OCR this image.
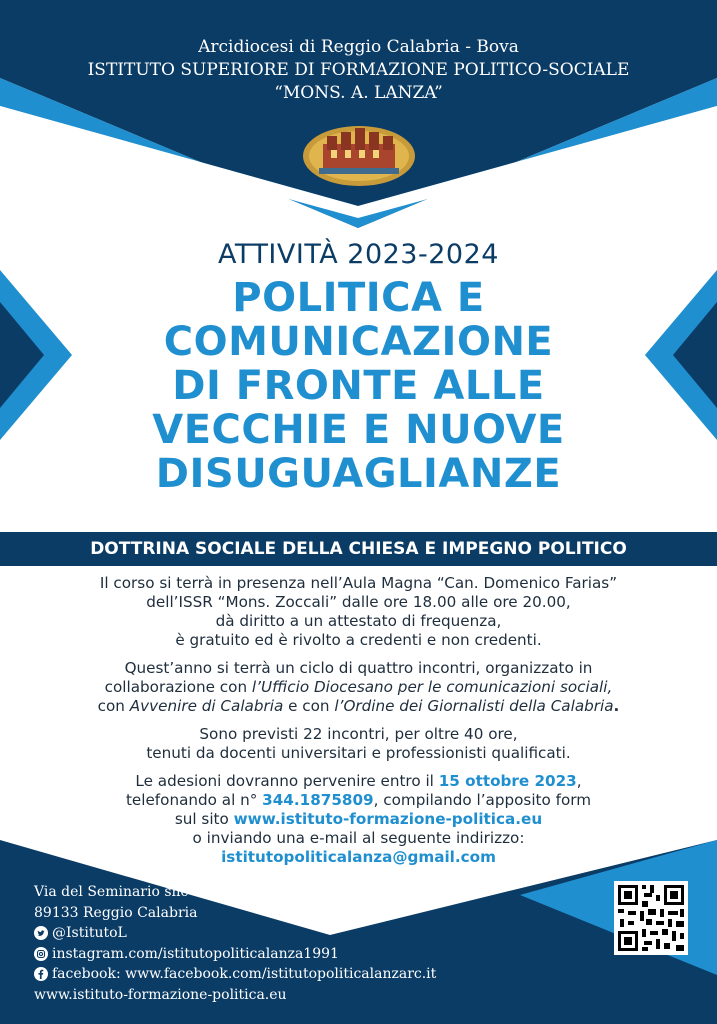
Arcidiocesi di Reggio Calabria - Bova
ISTITUTO SUPERIORE DI FORMAZIONE POLITICO-SOCIALE
“MONS. A. LANZA”
ATTIVITÀ 2023-2024
POLITICA E
COMUNICAZIONE
DI FRONTE ALLE
VECCHIE E NUOVE
DISUGUAGLIANZE
DOTTRINA SOCIALE DELLA CHIESA E IMPEGNO POLITICO

Il corso si terrà in presenza nell’Aula Magna “Can. Domenico Farias”
dell’ISSR “Mons. Zoccali” dalle ore 18.00 alle ore 20.00,
dà diritto a un attestato di frequenza,
è gratuito ed è rivolto a credenti e non credenti.

Quest’anno si terrà un ciclo di quattro incontri, organizzato in
collaborazione con l’Ufficio Diocesano per le comunicazioni sociali,
con Avvenire di Calabria e con l’Ordine dei Giornalisti della Calabria.

Sono previsti 22 incontri, per oltre 40 ore,
tenuti da docenti universitari e professionisti qualificati.

Le adesioni dovranno pervenire entro il 15 ottobre 2023,
telefonando al n° 344.1875809, compilando l’apposito form
sul sito www.istituto-formazione-politica.eu
o inviando una e-mail al seguente indirizzo:
istitutopoliticalanza@gmail.com

Via del Seminario snc
89133 Reggio Calabria
@IstitutoL
instagram.com/istitutopoliticalanza1991
facebook: www.facebook.com/istitutopoliticalanzarc.it
www.istituto-formazione-politica.eu
